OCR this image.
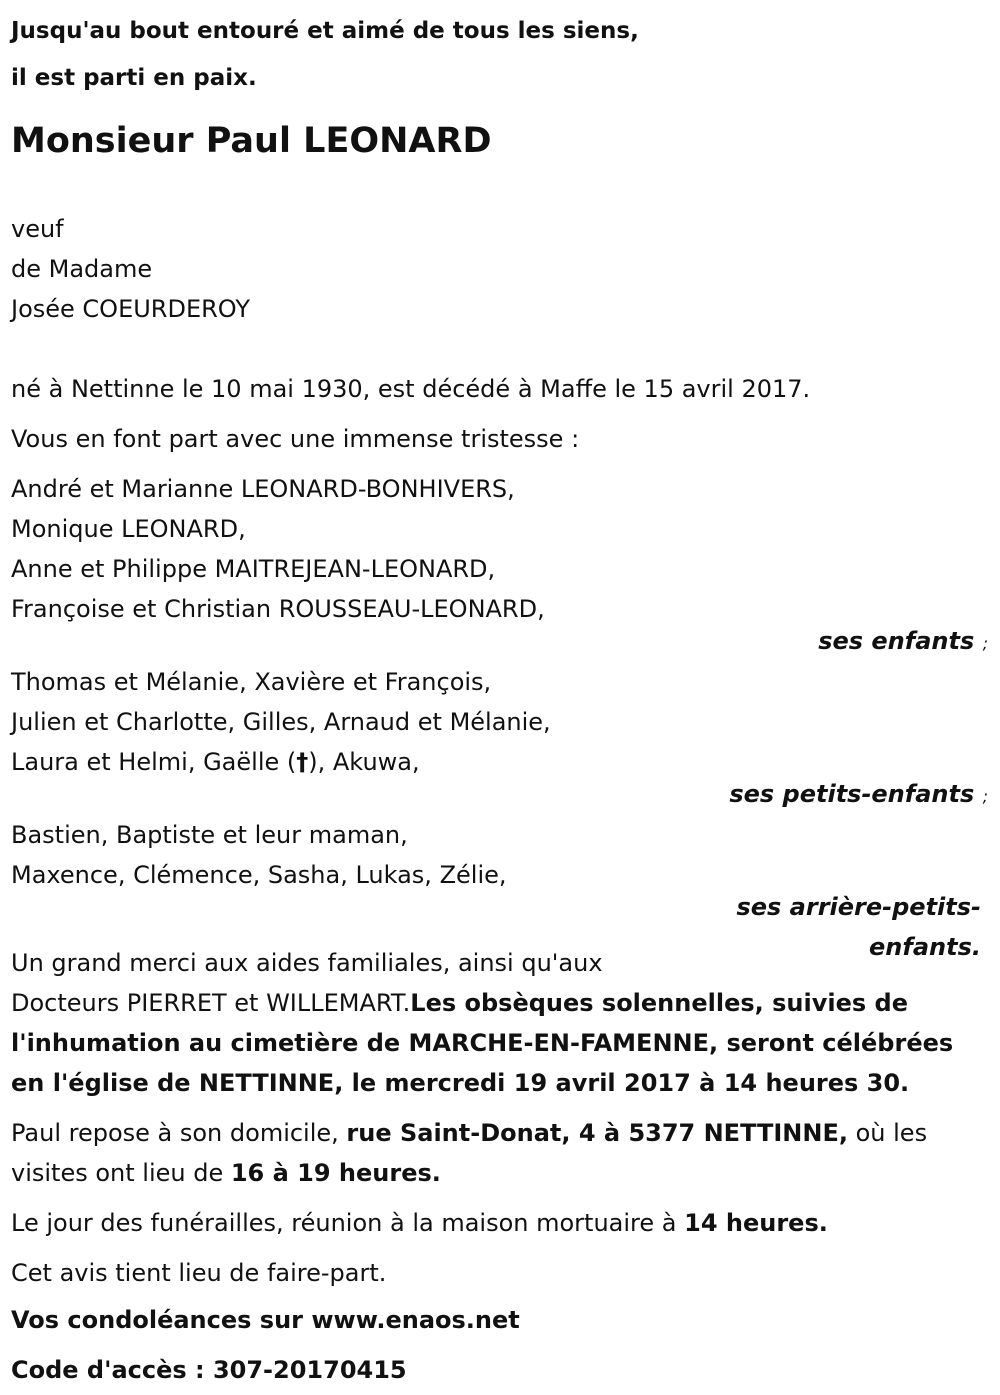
Jusqu'au bout entouré et aimé de tous les siens,
il est parti en paix.
Monsieur Paul LEONARD
veuf
de Madame
Josée COEURDEROY
né à Nettinne le 10 mai 1930, est décédé à Maffe le 15 avril 2017.
Vous en font part avec une immense tristesse :
André et Marianne LEONARD-BONHIVERS,
Monique LEONARD,
Anne et Philippe MAITREJEAN-LEONARD,
Françoise et Christian ROUSSEAU-LEONARD,
ses enfants ;
Thomas et Mélanie, Xavière et François,
Julien et Charlotte, Gilles, Arnaud et Mélanie,
Laura et Helmi, Gaëlle (†), Akuwa,
ses petits-enfants ;
Bastien, Baptiste et leur maman,
Maxence, Clémence, Sasha, Lukas, Zélie,
ses arrière-petits-
enfants.
Un grand merci aux aides familiales, ainsi qu'aux
Docteurs PIERRET et WILLEMART.Les obsèques solennelles, suivies de l'inhumation au cimetière de MARCHE-EN-FAMENNE, seront célébrées en l'église de NETTINNE, le mercredi 19 avril 2017 à 14 heures 30.
Paul repose à son domicile, rue Saint-Donat, 4 à 5377 NETTINNE, où les visites ont lieu de 16 à 19 heures.
Le jour des funérailles, réunion à la maison mortuaire à 14 heures.
Cet avis tient lieu de faire-part.
Vos condoléances sur www.enaos.net
Code d'accès : 307-20170415
